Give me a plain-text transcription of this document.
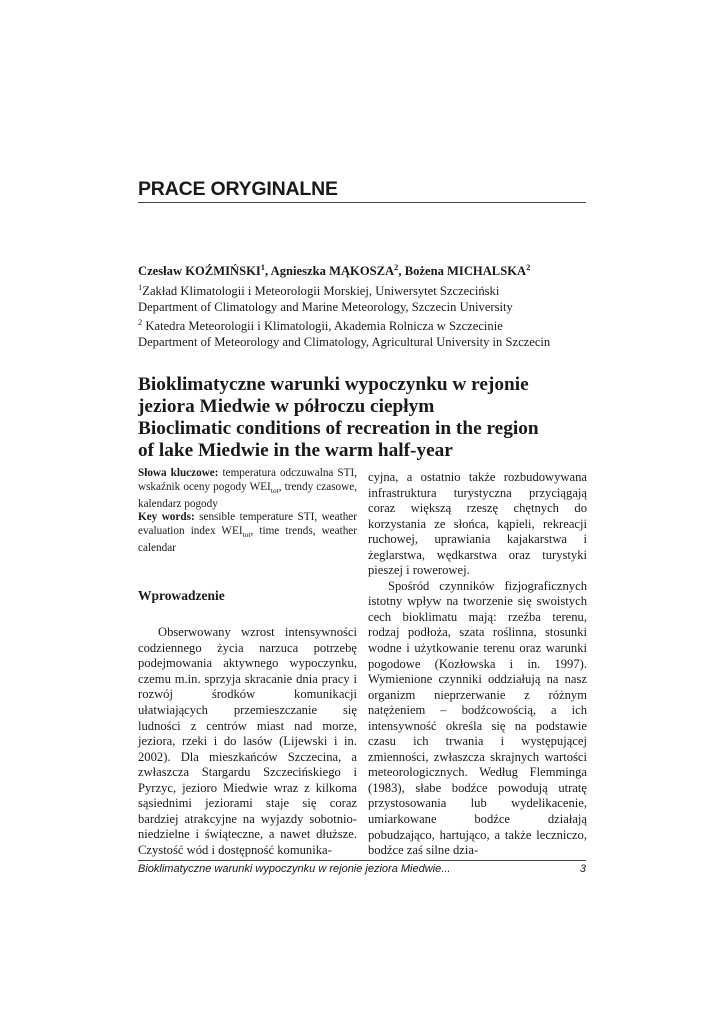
PRACE ORYGINALNE
Czesław KOŹMIŃSKI$^1$, Agnieszka MĄKOSZA$^2$, Bożena MICHALSKA$^2$
$^1$Zakład Klimatologii i Meteorologii Morskiej, Uniwersytet Szczeciński
Department of Climatology and Marine Meteorology, Szczecin University
$^2$ Katedra Meteorologii i Klimatologii, Akademia Rolnicza w Szczecinie
Department of Meteorology and Climatology, Agricultural University in Szczecin
Bioklimatyczne warunki wypoczynku w rejonie
jeziora Miedwie w półroczu ciepłym
Bioclimatic conditions of recreation in the region
of lake Miedwie in the warm half-year

Słowa kluczowe: temperatura odczuwalna STI, wskaźnik oceny pogody $WEI_{tot}$, trendy czasowe, kalendarz pogody

Key words: sensible temperature STI, weather evaluation index $WEI_{tot}$, time trends, weather calendar

Wprowadzenie

Obserwowany wzrost intensywności codziennego życia narzuca potrzebę podejmowania aktywnego wypoczynku, czemu m.in. sprzyja skracanie dnia pracy i rozwój środków komunikacji ułatwiających przemieszczanie się ludności z centrów miast nad morze, jeziora, rzeki i do lasów (Lijewski i in. 2002). Dla mieszkańców Szczecina, a zwłaszcza Stargardu Szczecińskiego i Pyrzyc, jezioro Miedwie wraz z kilkoma sąsiednimi jeziorami staje się coraz bardziej atrakcyjne na wyjazdy sobotnio-niedzielne i świąteczne, a nawet dłuższe. Czystość wód i dostępność komunika-

cyjna, a ostatnio także rozbudowywana infrastruktura turystyczna przyciągają coraz większą rzeszę chętnych do korzystania ze słońca, kąpieli, rekreacji ruchowej, uprawiania kajakarstwa i żeglarstwa, wędkarstwa oraz turystyki pieszej i rowerowej.

Spośród czynników fizjograficznych istotny wpływ na tworzenie się swoistych cech bioklimatu mają: rzeźba terenu, rodzaj podłoża, szata roślinna, stosunki wodne i użytkowanie terenu oraz warunki pogodowe (Kozłowska i in. 1997). Wymienione czynniki oddziałują na nasz organizm nieprzerwanie z różnym natężeniem – bodźcowością, a ich intensywność określa się na podstawie czasu ich trwania i występującej zmienności, zwłaszcza skrajnych wartości meteorologicznych. Według Flemminga (1983), słabe bodźce powodują utratę przystosowania lub wydelikacenie, umiarkowane bodźce działają pobudzająco, hartująco, a także leczniczo, bodźce zaś silne dzia-

Bioklimatyczne warunki wypoczynku w rejonie jeziora Miedwie...	3
